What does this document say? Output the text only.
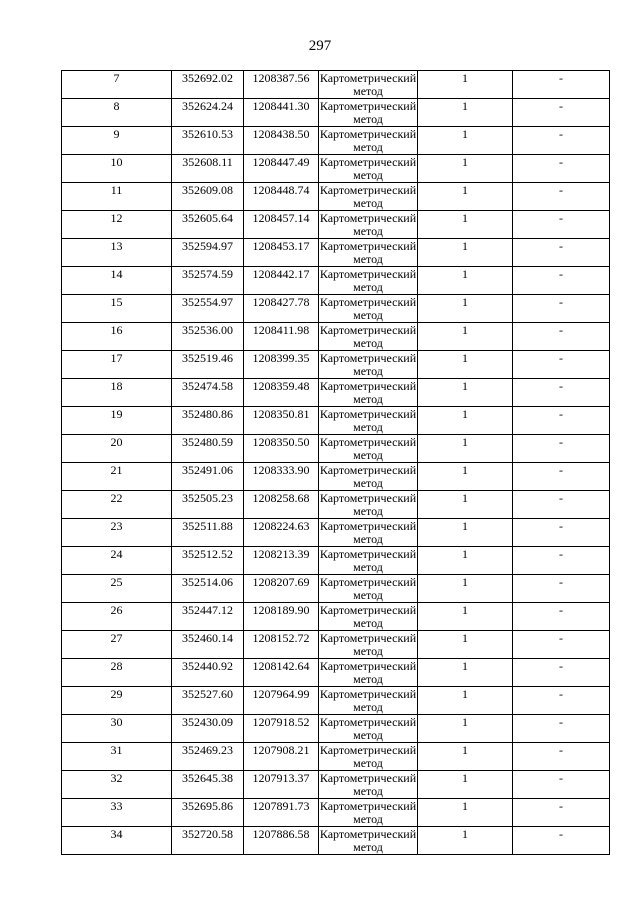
297
7	352692.02	1208387.56	Картометрический метод	1	-

8	352624.24	1208441.30	Картометрический метод	1	-

9	352610.53	1208438.50	Картометрический метод	1	-

10	352608.11	1208447.49	Картометрический метод	1	-

11	352609.08	1208448.74	Картометрический метод	1	-

12	352605.64	1208457.14	Картометрический метод	1	-

13	352594.97	1208453.17	Картометрический метод	1	-

14	352574.59	1208442.17	Картометрический метод	1	-

15	352554.97	1208427.78	Картометрический метод	1	-

16	352536.00	1208411.98	Картометрический метод	1	-

17	352519.46	1208399.35	Картометрический метод	1	-

18	352474.58	1208359.48	Картометрический метод	1	-

19	352480.86	1208350.81	Картометрический метод	1	-

20	352480.59	1208350.50	Картометрический метод	1	-

21	352491.06	1208333.90	Картометрический метод	1	-

22	352505.23	1208258.68	Картометрический метод	1	-

23	352511.88	1208224.63	Картометрический метод	1	-

24	352512.52	1208213.39	Картометрический метод	1	-

25	352514.06	1208207.69	Картометрический метод	1	-

26	352447.12	1208189.90	Картометрический метод	1	-

27	352460.14	1208152.72	Картометрический метод	1	-

28	352440.92	1208142.64	Картометрический метод	1	-

29	352527.60	1207964.99	Картометрический метод	1	-

30	352430.09	1207918.52	Картометрический метод	1	-

31	352469.23	1207908.21	Картометрический метод	1	-

32	352645.38	1207913.37	Картометрический метод	1	-

33	352695.86	1207891.73	Картометрический метод	1	-

34	352720.58	1207886.58	Картометрический метод	1	-
